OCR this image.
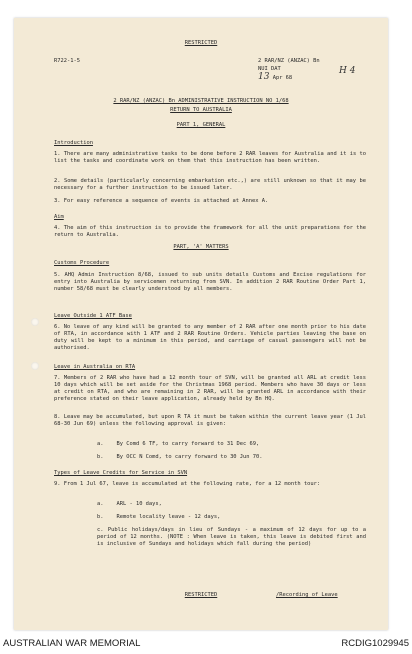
RESTRICTED
R722-1-5	2 RAR/NZ (ANZAC) Bn
NUI DAT
13 Apr 68
H 4
2 RAR/NZ (ANZAC) Bn ADMINISTRATIVE INSTRUCTION NO 1/68
RETURN TO AUSTRALIA
PART 1, GENERAL
Introduction
1. There are many administrative tasks to be done before 2 RAR leaves for Australia and it is to list the tasks and coordinate work on them that this instruction has been written.
2. Some details (particularly concerning embarkation etc.,) are still unknown so that it may be necessary for a further instruction to be issued later.
3. For easy reference a sequence of events is attached at Annex A.
Aim
4. The aim of this instruction is to provide the framework for all the unit preparations for the return to Australia.
PART, 'A' MATTERS
Customs Procedure
5. AHQ Admin Instruction 8/68, issued to sub units details Customs and Excise regulations for entry into Australia by servicemen returning from SVN. In addition 2 RAR Routine Order Part 1, number 58/68 must be clearly understood by all members.
Leave Outside 1 ATF Base
6. No leave of any kind will be granted to any member of 2 RAR after one month prior to his date of RTA, in accordance with 1 ATF and 2 RAR Routine Orders. Vehicle parties leaving the base on duty will be kept to a minimum in this period, and carriage of casual passengers will not be authorised.
Leave in Australia on RTA
7. Members of 2 RAR who have had a 12 month tour of SVN, will be granted all ARL at credit less 10 days which will be set aside for the Christmas 1968 period. Members who have 30 days or less at credit on RTA, and who are remaining in 2 RAR, will be granted ARL in accordance with their preference stated on their leave application, already held by Bn HQ.
8. Leave may be accumulated, but upon R TA it must be taken within the current leave year (1 Jul 68-30 Jun 69) unless the following approval is given:
a.    By Comd 6 TF, to carry forward to 31 Dec 69,
b.    By OCC N Comd, to carry forward to 30 Jun 70.
Types of Leave Credits for Service in SVN
9. From 1 Jul 67, leave is accumulated at the following rate, for a 12 month tour:
a.    ARL - 10 days,
b.    Remote locality leave - 12 days,
c. Public holidays/days in lieu of Sundays - a maximum of 12 days for up to a period of 12 months. (NOTE : When leave is taken, this leave is debited first and is inclusive of Sundays and holidays which fall during the period)
RESTRICTED	/Recording of Leave
AUSTRALIAN WAR MEMORIAL	RCDIG1029945
